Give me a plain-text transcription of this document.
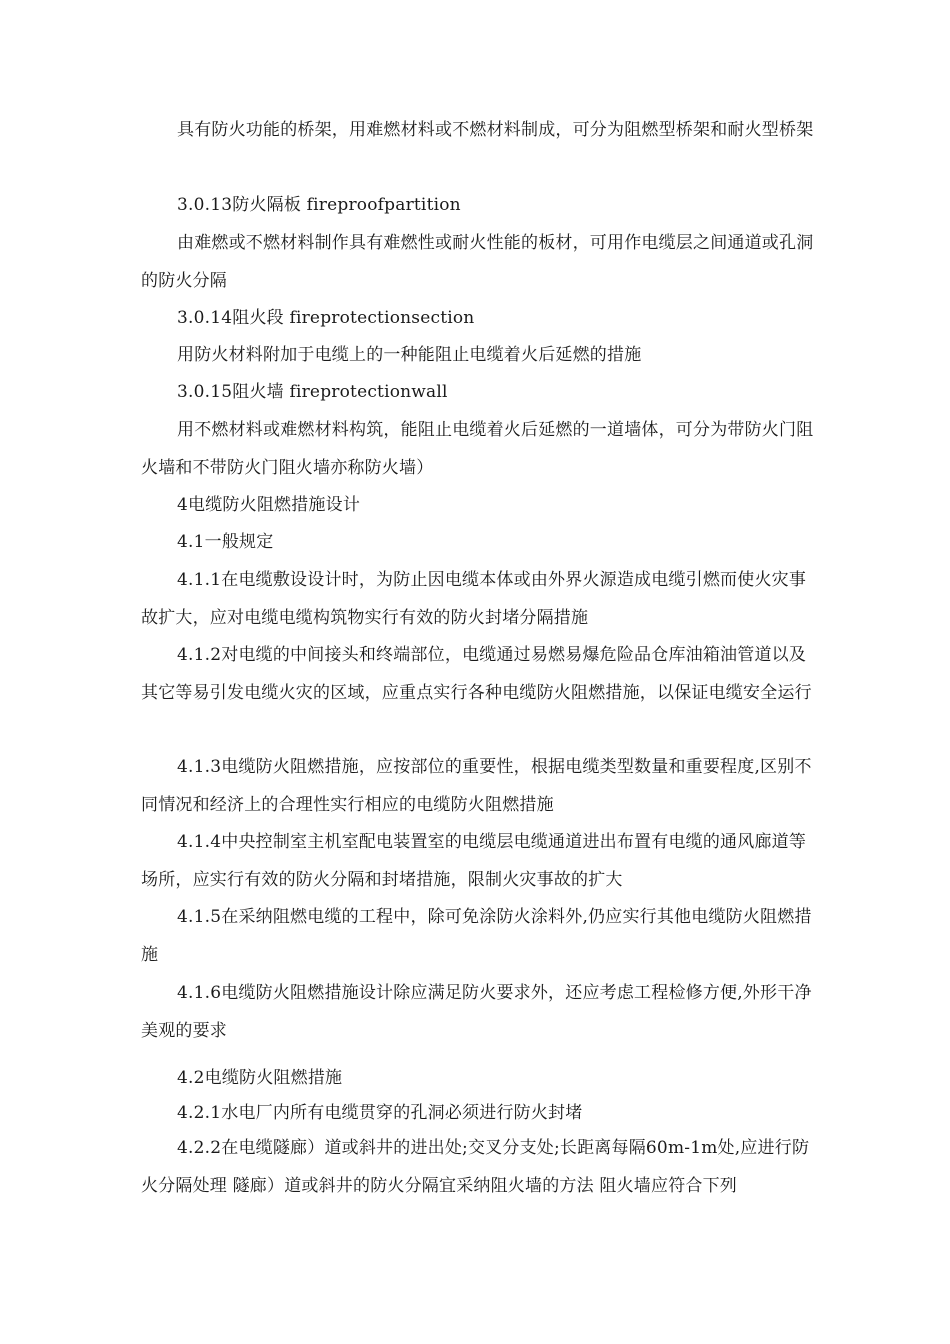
具有防火功能的桥架，用难燃材料或不燃材料制成，可分为阻燃型桥架和耐火型桥架

3.0.13防火隔板 fireproofpartition

由难燃或不燃材料制作具有难燃性或耐火性能的板材，可用作电缆层之间通道或孔洞的防火分隔

3.0.14阻火段 fireprotectionsection

用防火材料附加于电缆上的一种能阻止电缆着火后延燃的措施

3.0.15阻火墙 fireprotectionwall

用不燃材料或难燃材料构筑，能阻止电缆着火后延燃的一道墙体，可分为带防火门阻火墙和不带防火门阻火墙亦称防火墙）

4电缆防火阻燃措施设计

4.1一般规定

4.1.1在电缆敷设设计时，为防止因电缆本体或由外界火源造成电缆引燃而使火灾事故扩大，应对电缆电缆构筑物实行有效的防火封堵分隔措施

4.1.2对电缆的中间接头和终端部位，电缆通过易燃易爆危险品仓库油箱油管道以及其它等易引发电缆火灾的区域，应重点实行各种电缆防火阻燃措施，以保证电缆安全运行

4.1.3电缆防火阻燃措施，应按部位的重要性，根据电缆类型数量和重要程度,区别不同情况和经济上的合理性实行相应的电缆防火阻燃措施

4.1.4中央控制室主机室配电装置室的电缆层电缆通道进出布置有电缆的通风廊道等场所，应实行有效的防火分隔和封堵措施，限制火灾事故的扩大

4.1.5在采纳阻燃电缆的工程中，除可免涂防火涂料外,仍应实行其他电缆防火阻燃措施

4.1.6电缆防火阻燃措施设计除应满足防火要求外，还应考虑工程检修方便,外形干净美观的要求

4.2电缆防火阻燃措施

4.2.1水电厂内所有电缆贯穿的孔洞必须进行防火封堵

4.2.2在电缆隧廊）道或斜井的进出处;交叉分支处;长距离每隔60m-1m处,应进行防火分隔处理 隧廊）道或斜井的防火分隔宜采纳阻火墙的方法 阻火墙应符合下列
